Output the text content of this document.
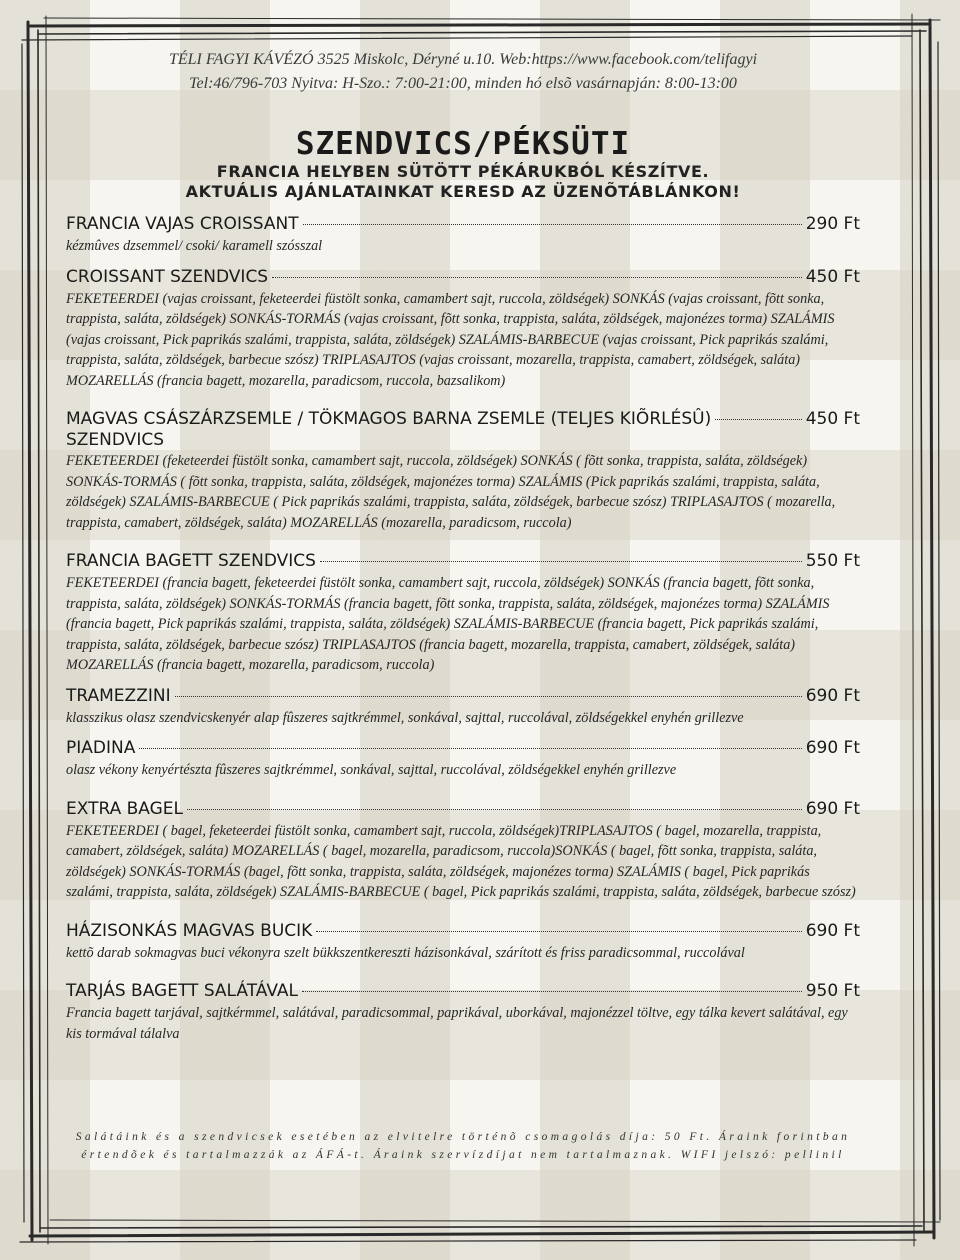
TÉLI FAGYI KÁVÉZÓ 3525 Miskolc, Déryné u.10. Web:https://www.facebook.com/telifagyi
Tel:46/796-703 Nyitva: H-Szo.: 7:00-21:00, minden hó elsõ vasárnapján: 8:00-13:00
SZENDVICS/PÉKSÜTI
FRANCIA HELYBEN SÜTÖTT PÉKÁRUKBÓL KÉSZÍTVE.
AKTUÁLIS AJÁNLATAINKAT KERESD AZ ÜZENÕTÁBLÁNKON!
FRANCIA VAJAS CROISSANT	290 Ft
kézmûves dzsemmel/ csoki/ karamell szósszal
CROISSANT SZENDVICS	450 Ft
FEKETEERDEI (vajas croissant, feketeerdei füstölt sonka, camambert sajt, ruccola, zöldségek) SONKÁS (vajas croissant, fõtt sonka, trappista, saláta, zöldségek) SONKÁS-TORMÁS (vajas croissant, fõtt sonka, trappista, saláta, zöldségek, majonézes torma) SZALÁMIS (vajas croissant, Pick paprikás szalámi, trappista, saláta, zöldségek) SZALÁMIS-BARBECUE (vajas croissant, Pick paprikás szalámi, trappista, saláta, zöldségek, barbecue szósz) TRIPLASAJTOS (vajas croissant, mozarella, trappista, camabert, zöldségek, saláta) MOZARELLÁS (francia bagett, mozarella, paradicsom, ruccola, bazsalikom)
MAGVAS CSÁSZÁRZSEMLE / TÖKMAGOS BARNA ZSEMLE (TELJES KIÕRLÉSÛ)	450 Ft
SZENDVICS
FEKETEERDEI (feketeerdei füstölt sonka, camambert sajt, ruccola, zöldségek) SONKÁS ( fõtt sonka, trappista, saláta, zöldségek) SONKÁS-TORMÁS ( fõtt sonka, trappista, saláta, zöldségek, majonézes torma) SZALÁMIS (Pick paprikás szalámi, trappista, saláta, zöldségek) SZALÁMIS-BARBECUE ( Pick paprikás szalámi, trappista, saláta, zöldségek, barbecue szósz) TRIPLASAJTOS ( mozarella, trappista, camabert, zöldségek, saláta) MOZARELLÁS (mozarella, paradicsom, ruccola)
FRANCIA BAGETT SZENDVICS	550 Ft
FEKETEERDEI (francia bagett, feketeerdei füstölt sonka, camambert sajt, ruccola, zöldségek) SONKÁS (francia bagett, fõtt sonka, trappista, saláta, zöldségek) SONKÁS-TORMÁS (francia bagett, fõtt sonka, trappista, saláta, zöldségek, majonézes torma) SZALÁMIS (francia bagett, Pick paprikás szalámi, trappista, saláta, zöldségek) SZALÁMIS-BARBECUE (francia bagett, Pick paprikás szalámi, trappista, saláta, zöldségek, barbecue szósz) TRIPLASAJTOS (francia bagett, mozarella, trappista, camabert, zöldségek, saláta) MOZARELLÁS (francia bagett, mozarella, paradicsom, ruccola)
TRAMEZZINI	690 Ft
klasszikus olasz szendvicskenyér alap fûszeres sajtkrémmel, sonkával, sajttal, ruccolával, zöldségekkel enyhén grillezve
PIADINA	690 Ft
olasz vékony kenyértészta fûszeres sajtkrémmel, sonkával, sajttal, ruccolával, zöldségekkel enyhén grillezve
EXTRA BAGEL	690 Ft
FEKETEERDEI ( bagel, feketeerdei füstölt sonka, camambert sajt, ruccola, zöldségek)TRIPLASAJTOS ( bagel, mozarella, trappista, camabert, zöldségek, saláta) MOZARELLÁS ( bagel, mozarella, paradicsom, ruccola)SONKÁS ( bagel, fõtt sonka, trappista, saláta, zöldségek) SONKÁS-TORMÁS (bagel, fõtt sonka, trappista, saláta, zöldségek, majonézes torma) SZALÁMIS ( bagel, Pick paprikás szalámi, trappista, saláta, zöldségek) SZALÁMIS-BARBECUE ( bagel, Pick paprikás szalámi, trappista, saláta, zöldségek, barbecue szósz)
HÁZISONKÁS MAGVAS BUCIK	690 Ft
kettõ darab sokmagvas buci vékonyra szelt bükkszentkereszti házisonkával, szárított és friss paradicsommal, ruccolával
TARJÁS BAGETT SALÁTÁVAL	950 Ft
Francia bagett tarjával, sajtkérmmel, salátával, paradicsommal, paprikával, uborkával, majonézzel töltve, egy tálka kevert salátával, egy kis tormával tálalva
Salátáink és a szendvicsek esetében az elvitelre történõ csomagolás díja: 50 Ft. Áraink forintban
értendõek és tartalmazzák az ÁFÁ-t. Áraink szervízdíjat nem tartalmaznak. WIFI jelszó: pellinil
